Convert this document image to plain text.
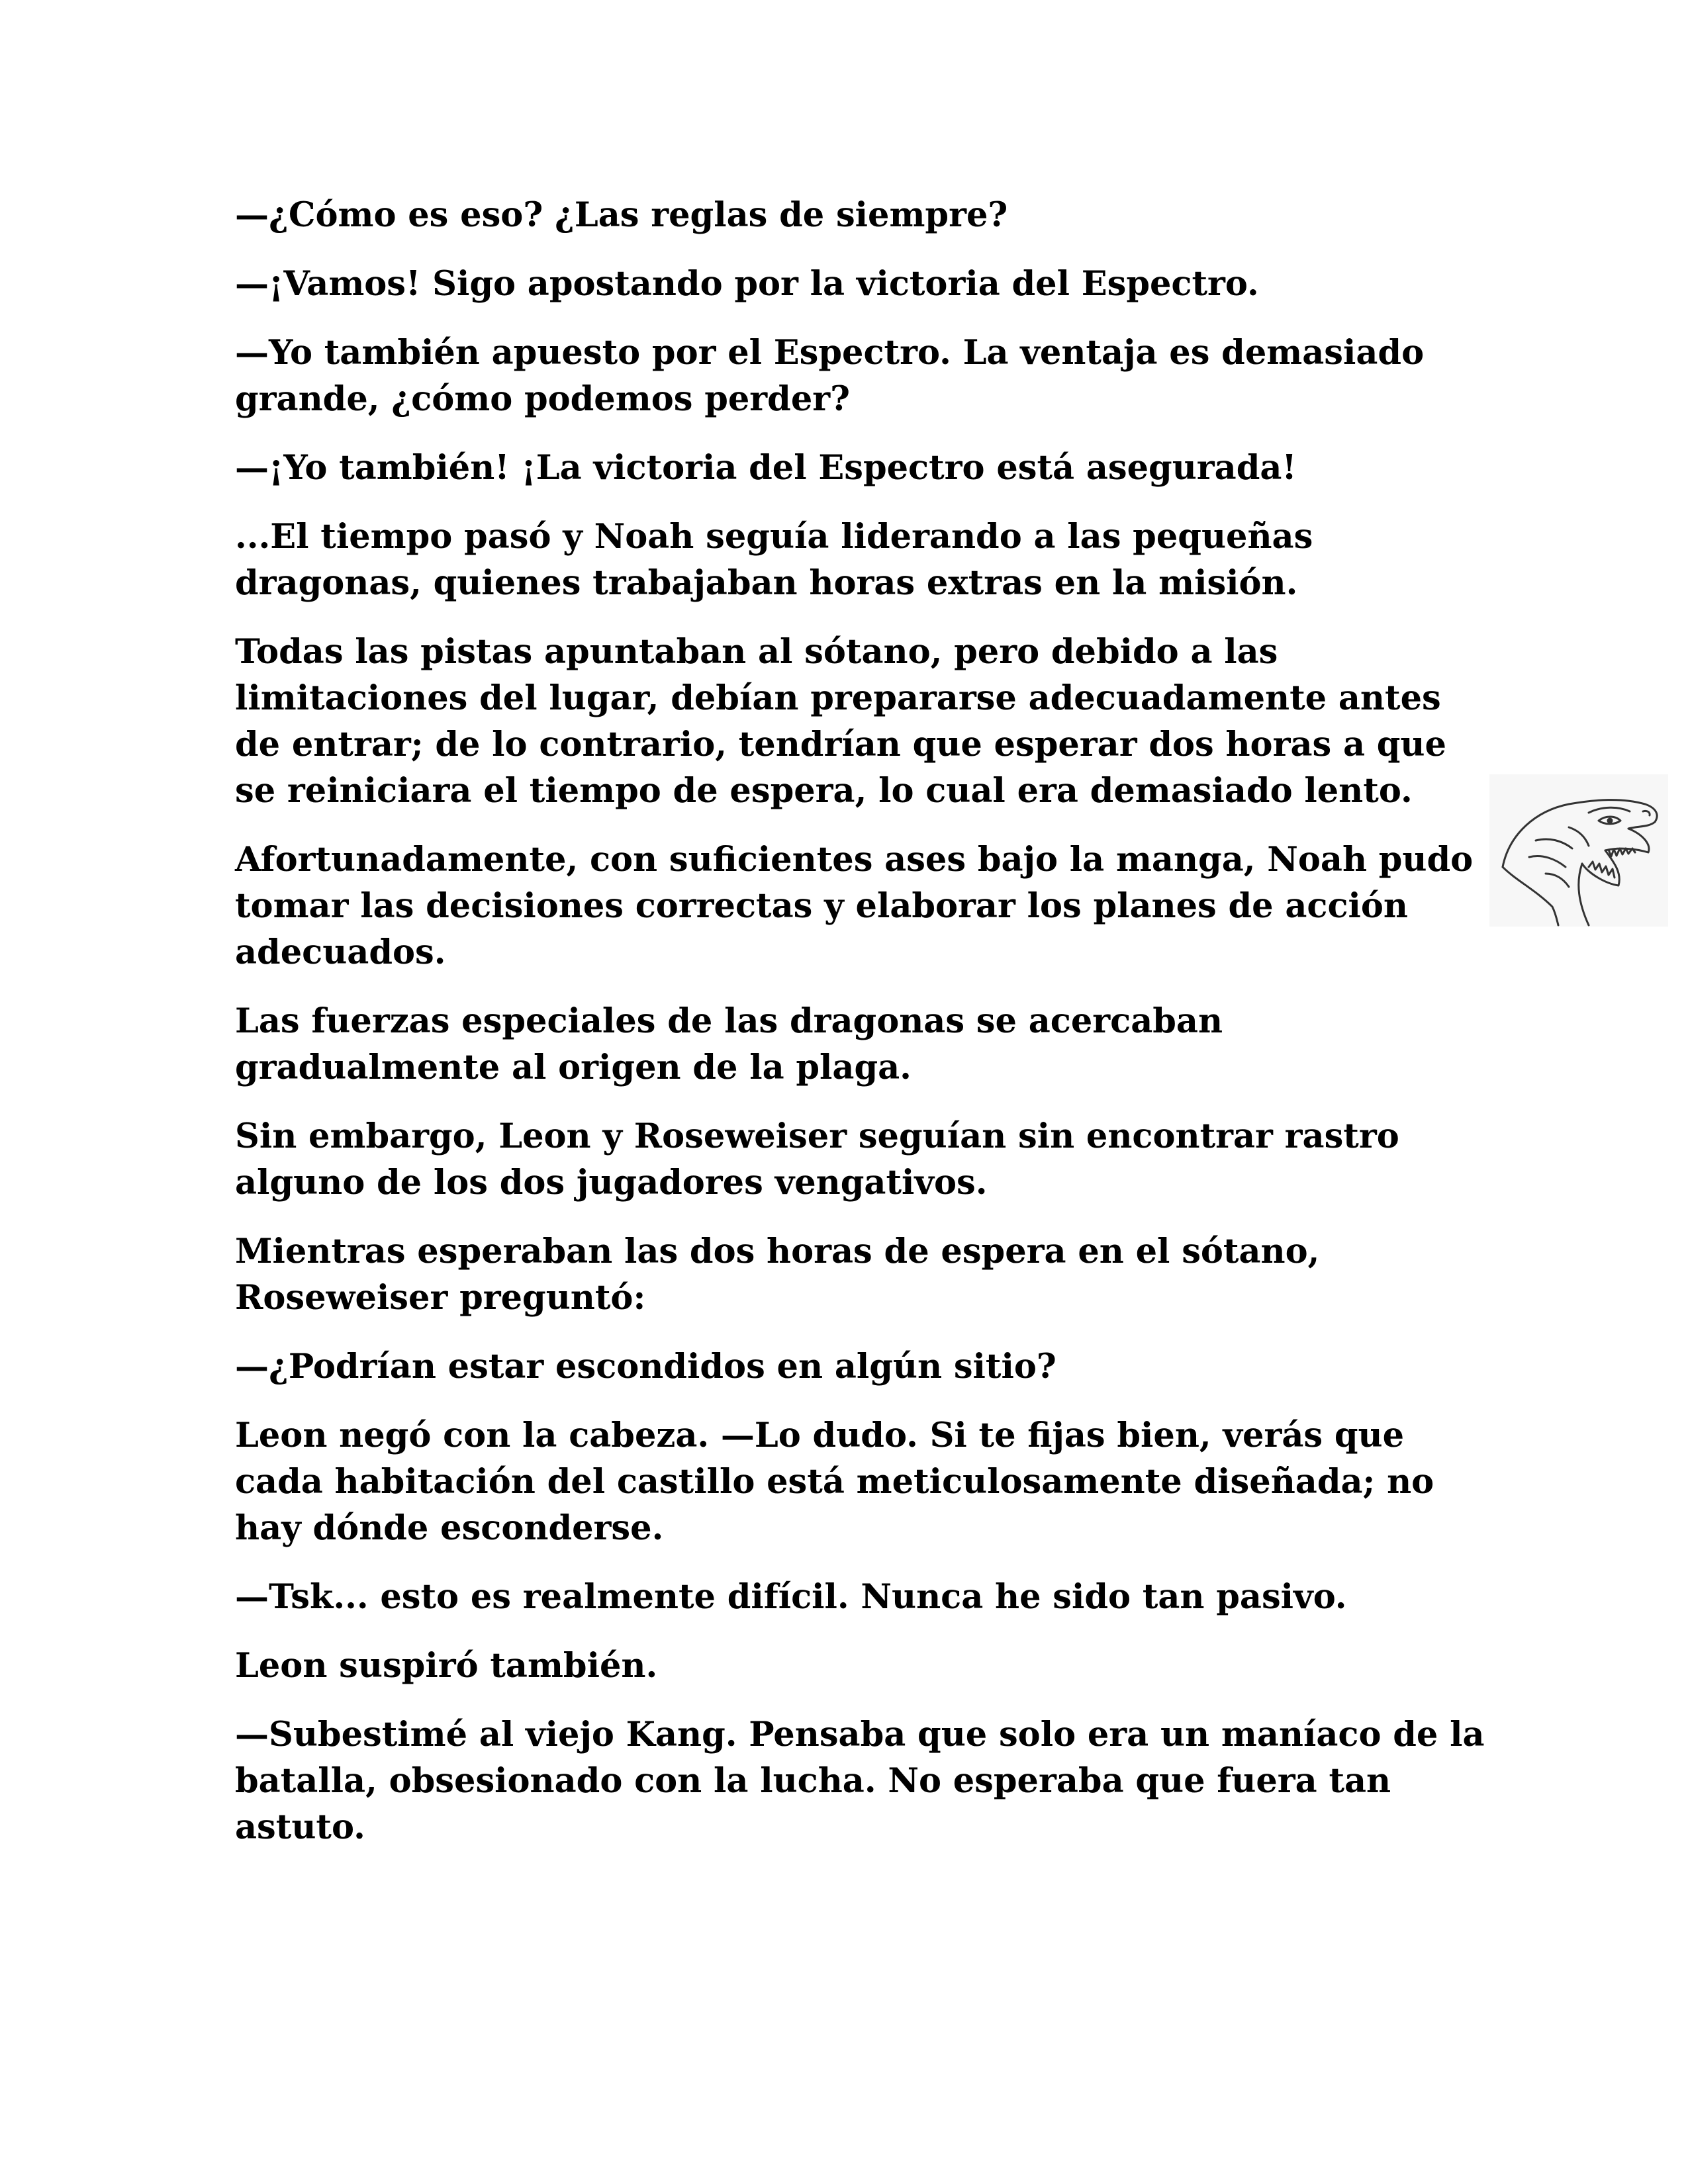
—¿Cómo es eso? ¿Las reglas de siempre?

—¡Vamos! Sigo apostando por la victoria del Espectro.

—Yo también apuesto por el Espectro. La ventaja es demasiado grande, ¿cómo podemos perder?

—¡Yo también! ¡La victoria del Espectro está asegurada!

...El tiempo pasó y Noah seguía liderando a las pequeñas dragonas, quienes trabajaban horas extras en la misión.

Todas las pistas apuntaban al sótano, pero debido a las limitaciones del lugar, debían prepararse adecuadamente antes de entrar; de lo contrario, tendrían que esperar dos horas a que se reiniciara el tiempo de espera, lo cual era demasiado lento.

Afortunadamente, con suficientes ases bajo la manga, Noah pudo tomar las decisiones correctas y elaborar los planes de acción adecuados.

Las fuerzas especiales de las dragonas se acercaban gradualmente al origen de la plaga.

Sin embargo, Leon y Roseweiser seguían sin encontrar rastro alguno de los dos jugadores vengativos.

Mientras esperaban las dos horas de espera en el sótano, Roseweiser preguntó:

—¿Podrían estar escondidos en algún sitio?

Leon negó con la cabeza. —Lo dudo. Si te fijas bien, verás que cada habitación del castillo está meticulosamente diseñada; no hay dónde esconderse.

—Tsk... esto es realmente difícil. Nunca he sido tan pasivo.

Leon suspiró también.

—Subestimé al viejo Kang. Pensaba que solo era un maníaco de la batalla, obsesionado con la lucha. No esperaba que fuera tan astuto.
